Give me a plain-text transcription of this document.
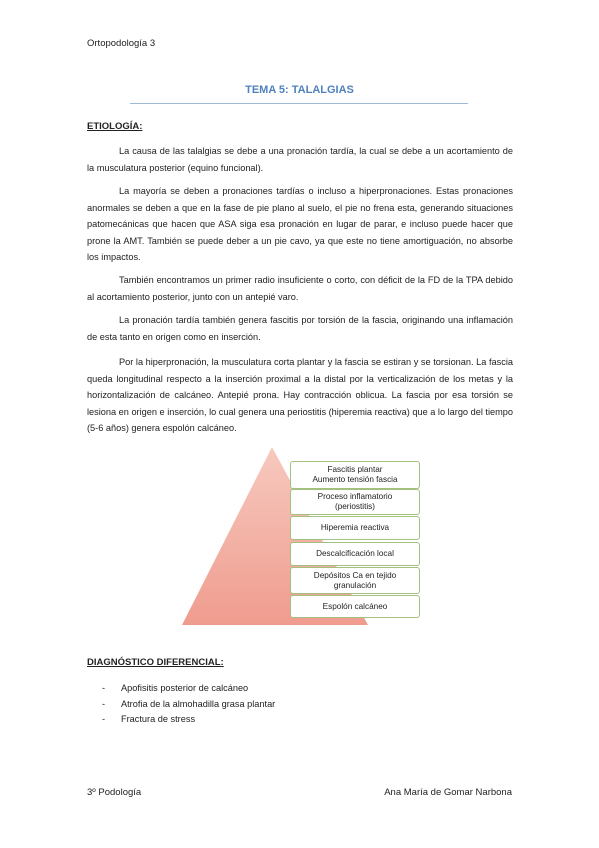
Ortopodología 3
TEMA 5: TALALGIAS
ETIOLOGÍA:

La causa de las talalgias se debe a una pronación tardía, la cual se debe a un acortamiento de la musculatura posterior (equino funcional).

La mayoría se deben a pronaciones tardías o incluso a hiperpronaciones. Estas pronaciones anormales se deben a que en la fase de pie plano al suelo, el pie no frena esta, generando situaciones patomecánicas que hacen que ASA siga esa pronación en lugar de parar, e incluso puede hacer que prone la AMT. También se puede deber a un pie cavo, ya que este no tiene amortiguación, no absorbe los impactos.

También encontramos un primer radio insuficiente o corto, con déficit de la FD de la TPA debido al acortamiento posterior, junto con un antepié varo.

La pronación tardía también genera fascitis por torsión de la fascia, originando una inflamación de esta tanto en origen como en inserción.

Por la hiperpronación, la musculatura corta plantar y la fascia se estiran y se torsionan. La fascia queda longitudinal respecto a la inserción proximal a la distal por la verticalización de los metas y la horizontalización de calcáneo. Antepié prona. Hay contracción oblicua. La fascia por esa torsión se lesiona en origen e inserción, lo cual genera una periostitis (hiperemia reactiva) que a lo largo del tiempo (5-6 años) genera espolón calcáneo.

Fascitis plantar
Aumento tensión fascia
Proceso inflamatorio
(periostitis)
Hiperemia reactiva
Descalcificación local
Depósitos Ca en tejido
granulación
Espolón calcáneo
DIAGNÓSTICO DIFERENCIAL:
-	Apofisitis posterior de calcáneo
-	Atrofia de la almohadilla grasa plantar
-	Fractura de stress
3º Podología	Ana María de Gomar Narbona
